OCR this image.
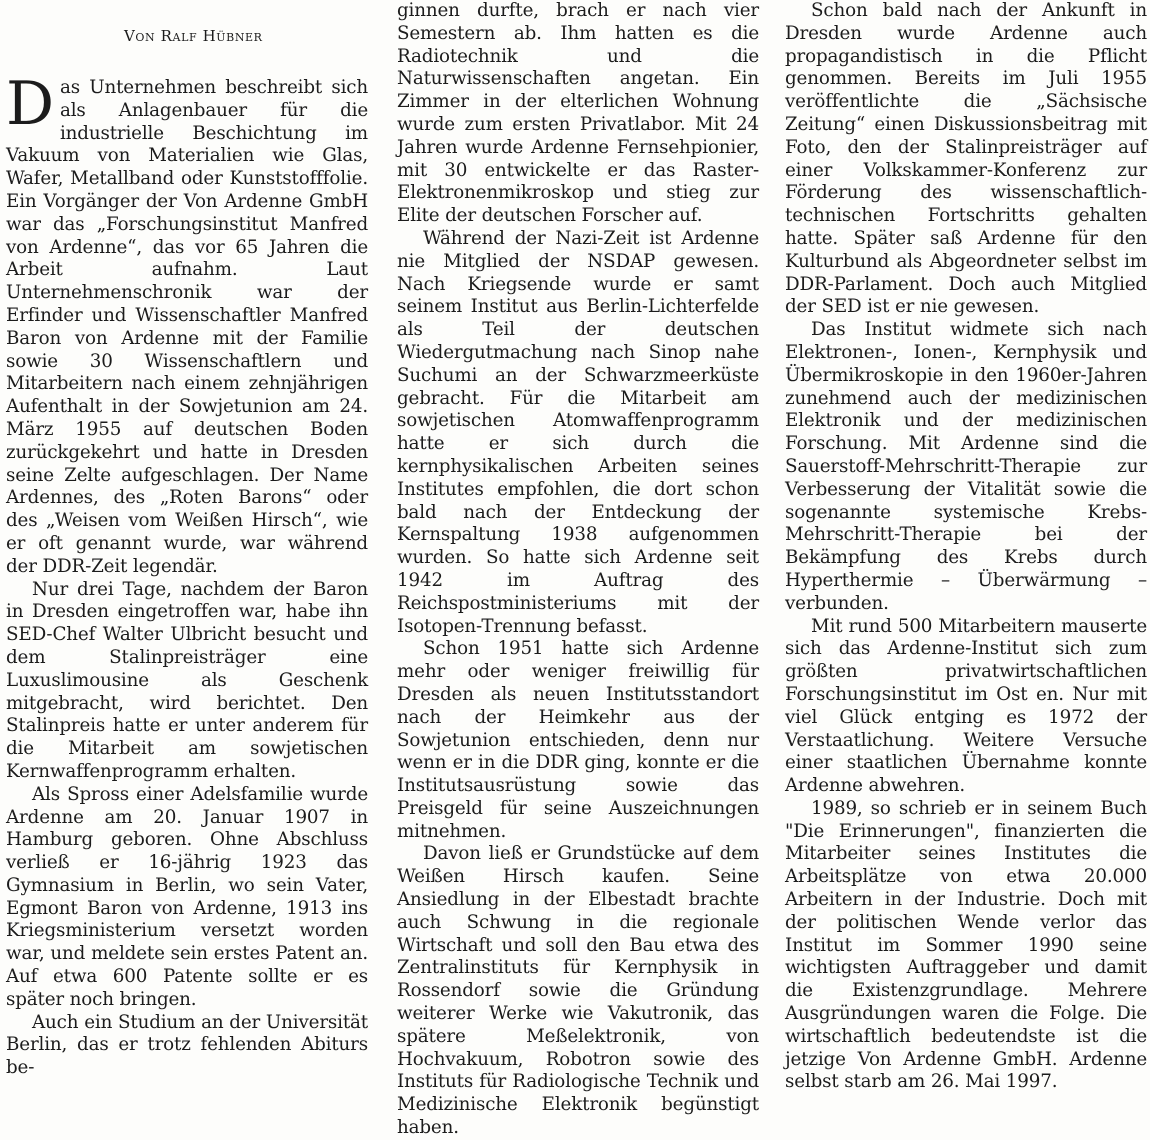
Von Ralf Hübner

Das Unternehmen beschreibt sich als Anlagenbauer für die industrielle Beschichtung im Vakuum von Materialien wie Glas, Wafer, Metallband oder Kunststofffolie. Ein Vorgänger der Von Ardenne GmbH war das „Forschungsinstitut Manfred von Ardenne“, das vor 65 Jahren die Arbeit aufnahm. Laut Unternehmenschronik war der Erfinder und Wissenschaftler Manfred Baron von Ardenne mit der Familie sowie 30 Wissenschaftlern und Mitarbeitern nach einem zehnjährigen Aufenthalt in der Sowjetunion am 24. März 1955 auf deutschen Boden zurückgekehrt und hatte in Dresden seine Zelte aufgeschlagen. Der Name Ardennes, des „Roten Barons“ oder des „Weisen vom Weißen Hirsch“, wie er oft genannt wurde, war während der DDR-Zeit legendär.

Nur drei Tage, nachdem der Baron in Dresden eingetroffen war, habe ihn SED-Chef Walter Ulbricht besucht und dem Stalinpreisträger eine Luxuslimousine als Geschenk mitgebracht, wird berichtet. Den Stalinpreis hatte er unter anderem für die Mitarbeit am sowjetischen Kernwaffenprogramm erhalten.

Als Spross einer Adelsfamilie wurde Ardenne am 20. Januar 1907 in Hamburg geboren. Ohne Abschluss verließ er 16-jährig 1923 das Gymnasium in Berlin, wo sein Vater, Egmont Baron von Ardenne, 1913 ins Kriegsministerium versetzt worden war, und meldete sein erstes Patent an. Auf etwa 600 Patente sollte er es später noch bringen.

Auch ein Studium an der Universität Berlin, das er trotz fehlenden Abiturs be-

ginnen durfte, brach er nach vier Semestern ab. Ihm hatten es die Radiotechnik und die Naturwissenschaften angetan. Ein Zimmer in der elterlichen Wohnung wurde zum ersten Privatlabor. Mit 24 Jahren wurde Ardenne Fernsehpionier, mit 30 entwickelte er das Raster-Elektronenmikroskop und stieg zur Elite der deutschen Forscher auf.

Während der Nazi-Zeit ist Ardenne nie Mitglied der NSDAP gewesen. Nach Kriegsende wurde er samt seinem Institut aus Berlin-Lichterfelde als Teil der deutschen Wiedergutmachung nach Sinop nahe Suchumi an der Schwarzmeerküste gebracht. Für die Mitarbeit am sowjetischen Atomwaffenprogramm hatte er sich durch die kernphysikalischen Arbeiten seines Institutes empfohlen, die dort schon bald nach der Entdeckung der Kernspaltung 1938 aufgenommen wurden. So hatte sich Ardenne seit 1942 im Auftrag des Reichspostministeriums mit der Isotopen-Trennung befasst.

Schon 1951 hatte sich Ardenne mehr oder weniger freiwillig für Dresden als neuen Institutsstandort nach der Heimkehr aus der Sowjetunion entschieden, denn nur wenn er in die DDR ging, konnte er die Institutsausrüstung sowie das Preisgeld für seine Auszeichnungen mitnehmen.

Davon ließ er Grundstücke auf dem Weißen Hirsch kaufen. Seine Ansiedlung in der Elbestadt brachte auch Schwung in die regionale Wirtschaft und soll den Bau etwa des Zentralinstituts für Kernphysik in Rossendorf sowie die Gründung weiterer Werke wie Vakutronik, das spätere Meßelektronik, von Hochvakuum, Robotron sowie des Instituts für Radiologische Technik und Medizinische Elektronik begünstigt haben.

Schon bald nach der Ankunft in Dresden wurde Ardenne auch propagandistisch in die Pflicht genommen. Bereits im Juli 1955 veröffentlichte die „Sächsische Zeitung“ einen Diskussionsbeitrag mit Foto, den der Stalinpreisträger auf einer Volkskammer-Konferenz zur Förderung des wissenschaftlich-technischen Fortschritts gehalten hatte. Später saß Ardenne für den Kulturbund als Abgeordneter selbst im DDR-Parlament. Doch auch Mitglied der SED ist er nie gewesen.

Das Institut widmete sich nach Elektronen-, Ionen-, Kernphysik und Übermikroskopie in den 1960er-Jahren zunehmend auch der medizinischen Elektronik und der medizinischen Forschung. Mit Ardenne sind die Sauerstoff-Mehrschritt-Therapie zur Verbesserung der Vitalität sowie die sogenannte systemische Krebs-Mehrschritt-Therapie bei der Bekämpfung des Krebs durch Hyperthermie – Überwärmung – verbunden.

Mit rund 500 Mitarbeitern mauserte sich das Ardenne-Institut sich zum größten privatwirtschaftlichen Forschungsinstitut im Ost en. Nur mit viel Glück entging es 1972 der Verstaatlichung. Weitere Versuche einer staatlichen Übernahme konnte Ardenne abwehren.

1989, so schrieb er in seinem Buch "Die Erinnerungen", finanzierten die Mitarbeiter seines Institutes die Arbeitsplätze von etwa 20.000 Arbeitern in der Industrie. Doch mit der politischen Wende verlor das Institut im Sommer 1990 seine wichtigsten Auftraggeber und damit die Existenzgrundlage. Mehrere Ausgründungen waren die Folge. Die wirtschaftlich bedeutendste ist die jetzige Von Ardenne GmbH. Ardenne selbst starb am 26. Mai 1997.
